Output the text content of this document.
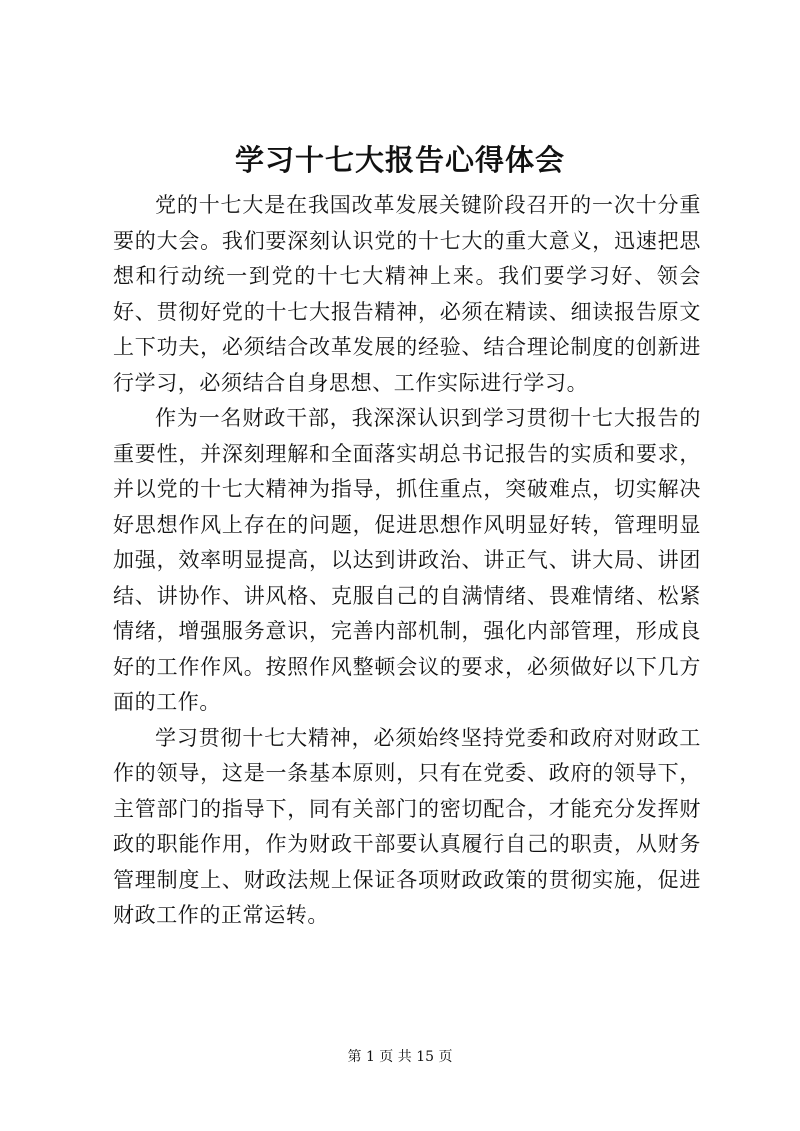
学习十七大报告心得体会

党的十七大是在我国改革发展关键阶段召开的一次十分重要的大会。我们要深刻认识党的十七大的重大意义，迅速把思想和行动统一到党的十七大精神上来。我们要学习好、领会好、贯彻好党的十七大报告精神，必须在精读、细读报告原文上下功夫，必须结合改革发展的经验、结合理论制度的创新进行学习，必须结合自身思想、工作实际进行学习。

作为一名财政干部，我深深认识到学习贯彻十七大报告的重要性，并深刻理解和全面落实胡总书记报告的实质和要求，并以党的十七大精神为指导，抓住重点，突破难点，切实解决好思想作风上存在的问题，促进思想作风明显好转，管理明显加强，效率明显提高，以达到讲政治、讲正气、讲大局、讲团结、讲协作、讲风格、克服自己的自满情绪、畏难情绪、松紧情绪，增强服务意识，完善内部机制，强化内部管理，形成良好的工作作风。按照作风整顿会议的要求，必须做好以下几方面的工作。

学习贯彻十七大精神，必须始终坚持党委和政府对财政工作的领导，这是一条基本原则，只有在党委、政府的领导下，主管部门的指导下，同有关部门的密切配合，才能充分发挥财政的职能作用，作为财政干部要认真履行自己的职责，从财务管理制度上、财政法规上保证各项财政政策的贯彻实施，促进财政工作的正常运转。

第 1 页 共 15 页
